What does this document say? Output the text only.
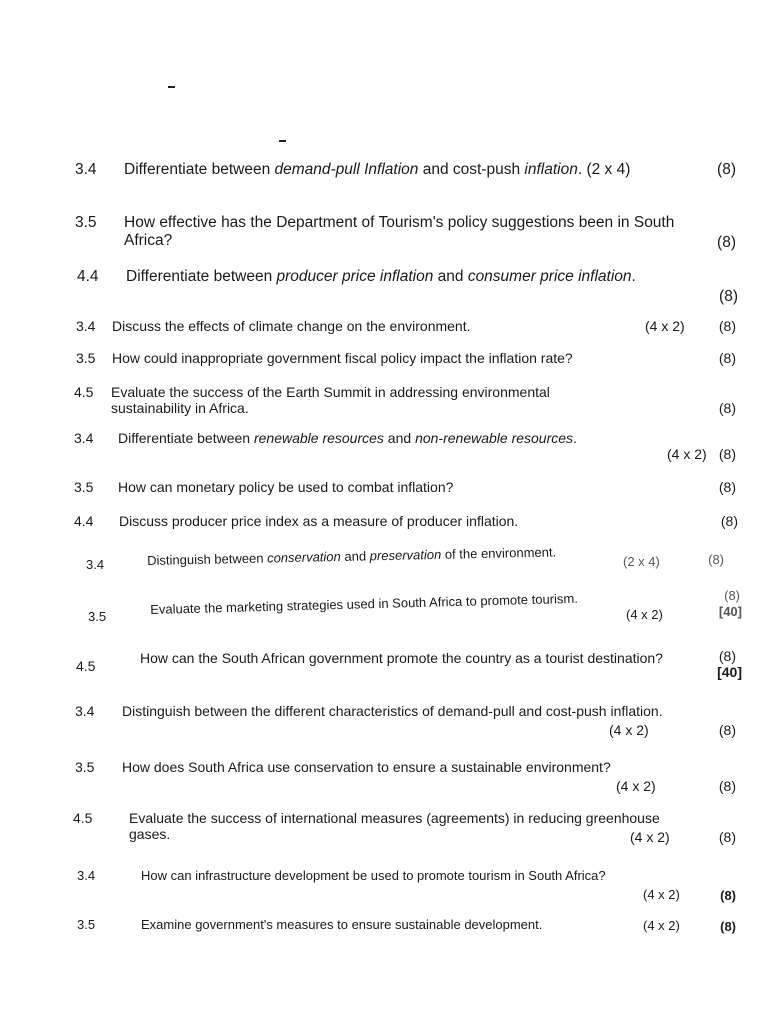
3.4 Differentiate between demand-pull Inflation and cost-push inflation. (2 x 4)	(8)
3.5 How effective has the Department of Tourism's policy suggestions been in South Africa?	(8)
4.4 Differentiate between producer price inflation and consumer price inflation.
(8)
3.4 Discuss the effects of climate change on the environment.	(4 x 2) (8)
3.5 How could inappropriate government fiscal policy impact the inflation rate?	(8)
4.5 Evaluate the success of the Earth Summit in addressing environmental sustainability in Africa.	(8)
3.4 Differentiate between renewable resources and non-renewable resources.
(4 x 2) (8)
3.5 How can monetary policy be used to combat inflation?	(8)
4.4 Discuss producer price index as a measure of producer inflation.	(8)
3.4	Distinguish between conservation and preservation of the environment.	(2 x 4)	(8)
3.5	Evaluate the marketing strategies used in South Africa to promote tourism.	(4 x 2)
(8)
[40]
4.5	How can the South African government promote the country as a tourist destination?	(8)
[40]
3.4 Distinguish between the different characteristics of demand-pull and cost-push inflation.
(4 x 2)	(8)
3.5 How does South Africa use conservation to ensure a sustainable environment?
(4 x 2)	(8)
4.5	Evaluate the success of international measures (agreements) in reducing greenhouse gases.	(4 x 2)	(8)
3.4	How can infrastructure development be used to promote tourism in South Africa?
(4 x 2)	(8)
3.5	Examine government's measures to ensure sustainable development.	(4 x 2)	(8)
